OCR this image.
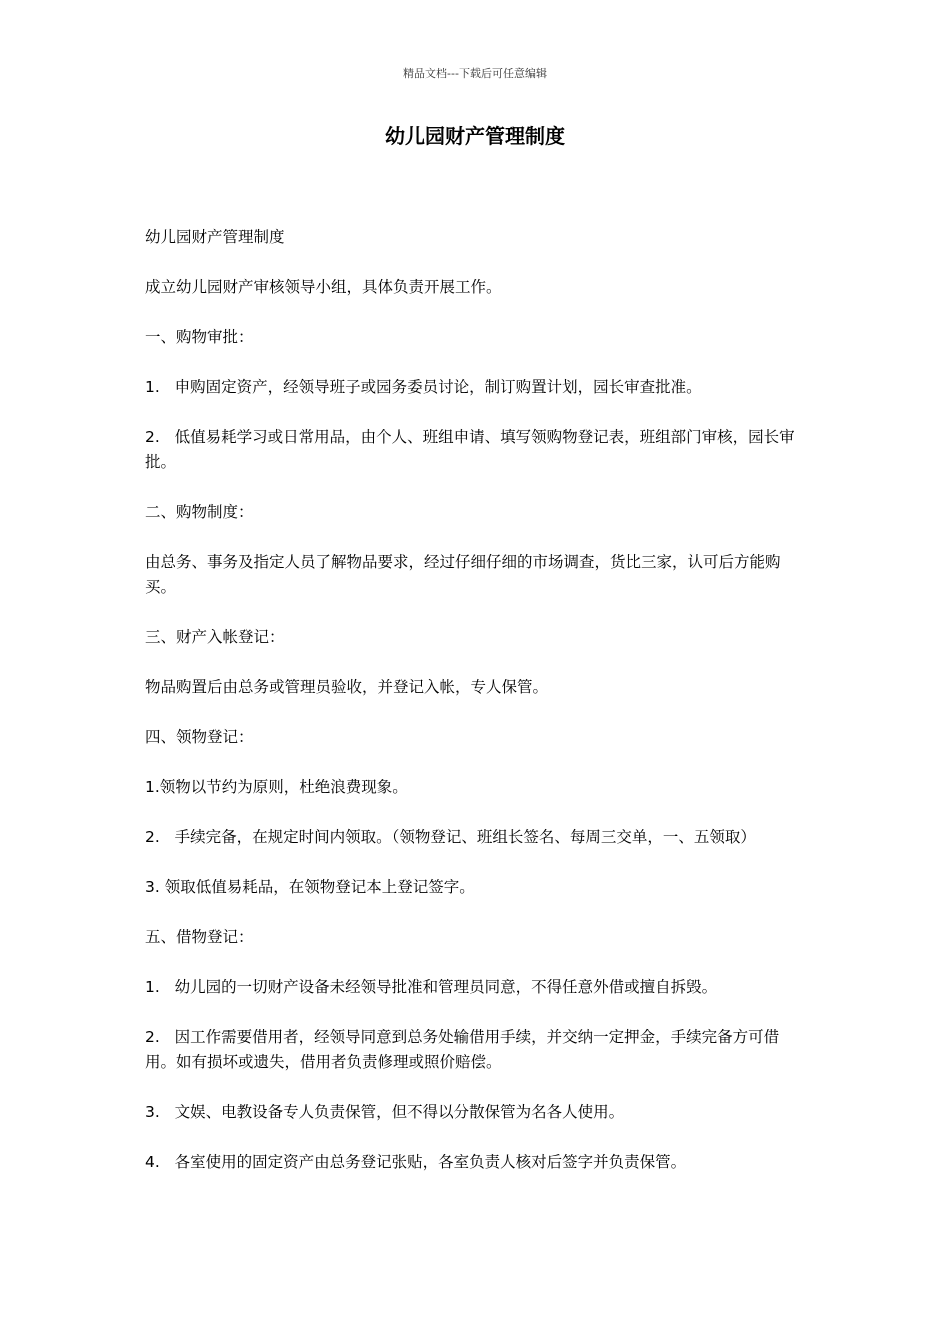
精品文档---下载后可任意编辑
幼儿园财产管理制度

幼儿园财产管理制度

成立幼儿园财产审核领导小组，具体负责开展工作。

一、购物审批：

1.   申购固定资产，经领导班子或园务委员讨论，制订购置计划，园长审查批准。

2.   低值易耗学习或日常用品，由个人、班组申请、填写领购物登记表，班组部门审核，园长审批。

二、购物制度：

由总务、事务及指定人员了解物品要求，经过仔细仔细的市场调查，货比三家，认可后方能购买。

三、财产入帐登记：

物品购置后由总务或管理员验收，并登记入帐，专人保管。

四、领物登记：

1.领物以节约为原则，杜绝浪费现象。

2.   手续完备，在规定时间内领取。（领物登记、班组长签名、每周三交单，一、五领取）

3. 领取低值易耗品，在领物登记本上登记签字。

五、借物登记：

1.   幼儿园的一切财产设备未经领导批准和管理员同意，不得任意外借或擅自拆毁。

2.   因工作需要借用者，经领导同意到总务处输借用手续，并交纳一定押金，手续完备方可借用。如有损坏或遗失，借用者负责修理或照价赔偿。

3.   文娱、电教设备专人负责保管，但不得以分散保管为名各人使用。

4.   各室使用的固定资产由总务登记张贴，各室负责人核对后签字并负责保管。
